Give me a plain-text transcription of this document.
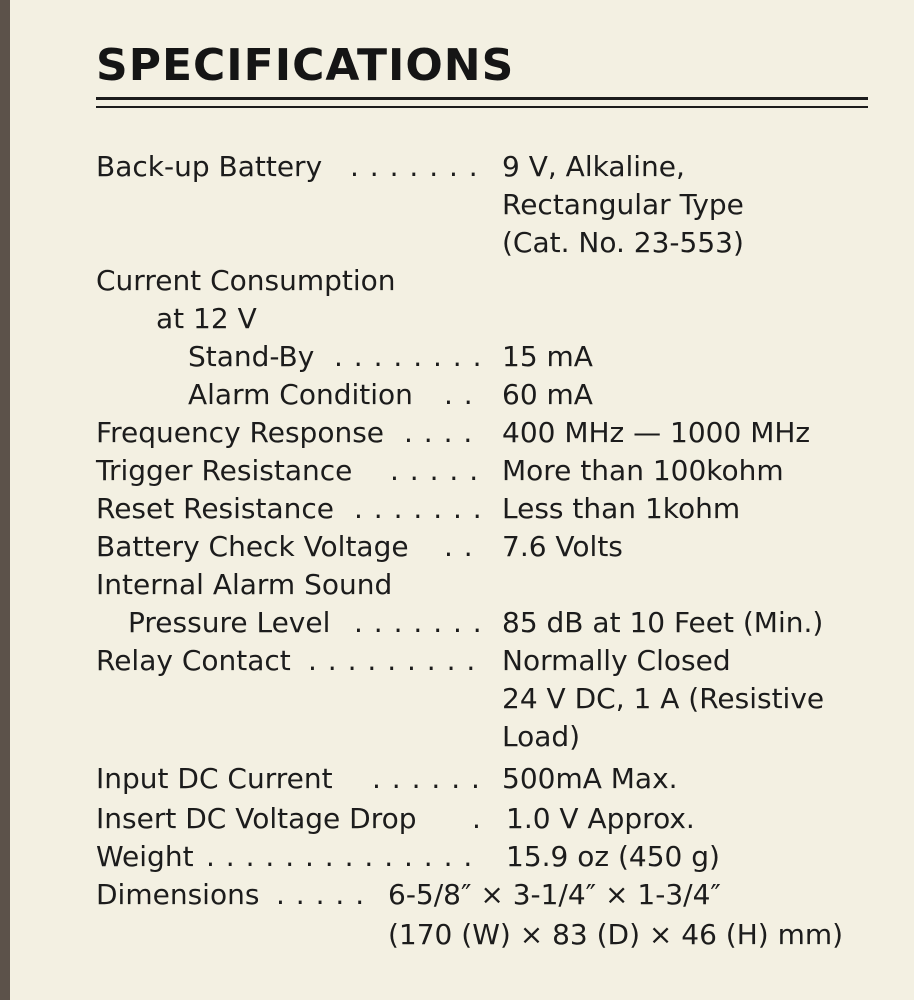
SPECIFICATIONS
Back-up Battery . . . . . . . 9 V, Alkaline,
Rectangular Type
(Cat. No. 23-553)
Current Consumption
at 12 V
Stand-By . . . . . . . . 15 mA
Alarm Condition . . 60 mA
Frequency Response . . . . 400 MHz — 1000 MHz
Trigger Resistance . . . . . More than 100kohm
Reset Resistance . . . . . . . Less than 1kohm
Battery Check Voltage . . 7.6 Volts
Internal Alarm Sound
Pressure Level . . . . . . . 85 dB at 10 Feet (Min.)
Relay Contact . . . . . . . . . Normally Closed
24 V DC, 1 A (Resistive
Load)
Input DC Current . . . . . . 500mA Max.
Insert DC Voltage Drop . 1.0 V Approx.
Weight . . . . . . . . . . . . . . 15.9 oz (450 g)
Dimensions . . . . . 6-5/8″ × 3-1/4″ × 1-3/4″
(170 (W) × 83 (D) × 46 (H) mm)
